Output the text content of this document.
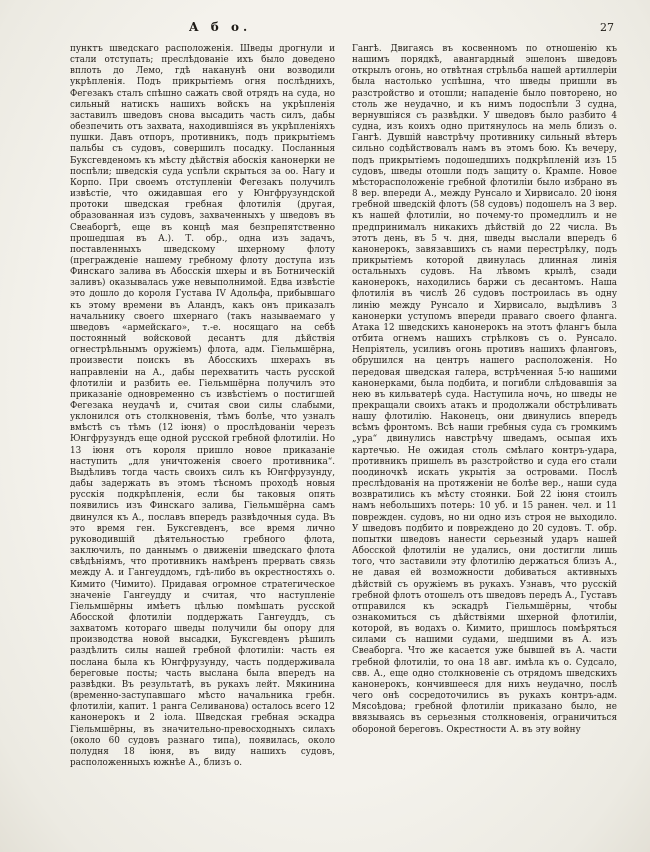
А б о.	27
пунктъ шведскаго расположенія. Шведы дрогнули и стали отступать; преслѣдованіе ихъ было доведено вплоть до Лемо, гдѣ наканунѣ они возводили укрѣпленія. Подъ прикрытіемъ огня послѣднихъ, Фегезакъ сталъ спѣшно сажать свой отрядъ на суда, но сильный натискъ нашихъ войскъ на укрѣпленія заставилъ шведовъ снова высадить часть силъ, дабы обезпечить отъ захвата, находившіяся въ укрѣпленіяхъ пушки. Давъ отпоръ, противникъ, подъ прикрытіемъ пальбы съ судовъ, совершилъ посадку. Посланныя Буксгевденомъ къ мѣсту дѣйствія абоскія канонерки не поспѣли; шведскія суда успѣли скрыться за оо. Нагу и Корпо. При своемъ отступленіи Фегезакъ получилъ извѣстіе, что ожидавшая его у Юнгфрузундской протоки шведская гребная флотилія (другая, образованная изъ судовъ, захваченныхъ у шведовъ въ Свеаборгѣ, еще въ концѣ мая безпрепятственно прошедшая въ А.). Т. обр., одна изъ задачъ, поставленныхъ шведскому шхерному флоту (прегражденіе нашему гребному флоту доступа изъ Финскаго залива въ Абосскія шхеры и въ Ботническій заливъ) оказывалась уже невыполнимой. Едва извѣстіе это дошло до короля Густава IV Адольфа, прибывшаго къ этому времени въ Аландъ, какъ онъ приказалъ начальнику своего шхернаго (такъ называемаго у шведовъ «армейскаго», т.-е. носящаго на себѣ постоянный войсковой десантъ для дѣйствія огнестрѣльнымъ оружіемъ) флота, адм. Гіельмшёрна, произвести поискъ въ Абосскихъ шхерахъ въ направленіи на А., дабы перехватить часть русской флотиліи и разбить ее. Гіельмшёрна получилъ это приказаніе одновременно съ извѣстіемъ о постигшей Фегезака неудачѣ и, считая свои силы слабыми, уклонился отъ столкновенія, тѣмъ болѣе, что узналъ вмѣстѣ съ тѣмъ (12 іюня) о прослѣдованіи черезъ Юнгфрузундъ еще одной русской гребной флотиліи. Но 13 іюня отъ короля пришло новое приказаніе наступить „для уничтоженія своего противника“. Выдѣливъ тогда часть своихъ силъ къ Юнгфрузунду, дабы задержать въ этомъ тѣсномъ проходѣ новыя русскія подкрѣпленія, если бы таковыя опять появились изъ Финскаго залива, Гіельмшёрна самъ двинулся къ А., пославъ впередъ развѣдочныя суда. Въ это время ген. Буксгевденъ, все время лично руководившій дѣятельностью гребного флота, заключилъ, по даннымъ о движеніи шведскаго флота свѣдѣніямъ, что противникъ намѣренъ прервать связь между А. и Гангеуддомъ, гдѣ-либо въ окрестностяхъ о. Кимито (Чимито). Придавая огромное стратегическое значеніе Гангеудду и считая, что наступленіе Гіельмшёрны имѣетъ цѣлью помѣшать русской Абосской флотиліи поддержать Гангеуддъ, съ захватомъ котораго шведы получили бы опору для производства новой высадки, Буксгевденъ рѣшилъ раздѣлить силы нашей гребной флотиліи: часть ея послана была къ Юнгфрузунду, часть поддерживала береговые посты; часть выслана была впередъ на развѣдки. Въ результатѣ, въ рукахъ лейт. Мякинина (временно-заступавшаго мѣсто начальника гребн. флотиліи, капит. 1 ранга Селиванова) осталось всего 12 канонерокъ и 2 іола. Шведская гребная эскадра Гіельмшёрны, въ значительно-превосходныхъ силахъ (около 60 судовъ разнаго типа), появилась, около полудня 18 іюня, въ виду нашихъ судовъ, расположенныхъ южнѣе А., близъ о.
Гангѣ. Двигаясь въ косвенномъ по отношенію къ нашимъ порядкѣ, авангардный эшелонъ шведовъ открылъ огонь, но отвѣтная стрѣльба нашей артиллеріи была настолько успѣшна, что шведы пришли въ разстройство и отошли; нападеніе было повторено, но столь же неудачно, и къ нимъ подоспѣли 3 судна, вернувшіяся съ развѣдки. У шведовъ было разбито 4 судна, изъ коихъ одно притянулось на мель близъ о. Гангѣ. Дувшій навстрѣчу противнику сильный вѣтеръ сильно содѣйствовалъ намъ въ этомъ бою. Къ вечеру, подъ прикрытіемъ подошедшихъ подкрѣпленій изъ 15 судовъ, шведы отошли подъ защиту о. Крампе. Новое мѣсторасположеніе гребной флотиліи было избрано въ 8 вер. впереди А., между Рунсало и Хирвисало. 20 іюня гребной шведскій флотъ (58 судовъ) подошелъ на 3 вер. къ нашей флотиліи, но почему-то промедлилъ и не предпринималъ никакихъ дѣйствій до 22 числа. Въ этотъ день, въ 5 ч. дня, шведы выслали впередъ 6 канонерокъ, завязавшихъ съ нами перестрѣлку, подъ прикрытіемъ которой двинулась длинная линія остальныхъ судовъ. На лѣвомъ крылѣ, сзади канонерокъ, находились баржи съ десантомъ. Наша флотилія въ числѣ 26 судовъ построилась въ одну линію между Рунсало и Хирвисало, выдѣливъ 3 канонерки уступомъ впереди праваго своего фланга. Атака 12 шведскихъ канонерокъ на этотъ флангъ была отбита огнемъ нашихъ стрѣлковъ съ о. Рунсало. Непріятель, усиливъ огонь противъ нашихъ фланговъ, обрушился на центръ нашего расположенія. Но передовая шведская галера, встрѣченная 5-ю нашими канонерками, была подбита, и погибли слѣдовавшія за нею въ кильватерѣ суда. Наступила ночь, но шведы не прекращали своихъ атакъ и продолжали обстрѣливать нашу флотилію. Наконецъ, они двинулись впередъ всѣмъ фронтомъ. Всѣ наши гребныя суда съ громкимъ „ура“ двинулись навстрѣчу шведамъ, осыпая ихъ картечью. Не ожидая столь смѣлаго контръ-удара, противникъ пришелъ въ разстройство и суда его стали поодиночкѣ искать укрытія за островами. Послѣ преслѣдованія на протяженіи не болѣе вер., наши суда возвратились къ мѣсту стоянки. Бой 22 іюня стоилъ намъ небольшихъ потерь: 10 уб. и 15 ранен. чел. и 11 поврежден. судовъ, но ни одно изъ строя не выходило. У шведовъ подбито и повреждено до 20 судовъ. Т. обр. попытки шведовъ нанести серьезный ударъ нашей Абосской флотиліи не удались, они достигли лишь того, что заставили эту флотилію держаться близъ А., не давая ей возможности добиваться активныхъ дѣйствій съ оружіемъ въ рукахъ. Узнавъ, что русскій гребной флотъ отошелъ отъ шведовъ передъ А., Густавъ отправился къ эскадрѣ Гіельмшёрны, чтобы ознакомиться съ дѣйствіями шхерной флотиліи, которой, въ водахъ о. Кимито, пришлось помѣряться силами съ нашими судами, шедшими въ А. изъ Свеаборга. Что же касается уже бывшей въ А. части гребной флотиліи, то она 18 авг. имѣла къ о. Судсало, свв. А., еще одно столкновеніе съ отрядомъ шведскихъ канонерокъ, кончившееся для нихъ неудачно, послѣ чего онѣ сосредоточились въ рукахъ контръ-адм. Мясоѣдова; гребной флотиліи приказано было, не ввязываясь въ серьезныя столкновенія, ограничиться обороной береговъ. Окрестности А. въ эту войну
